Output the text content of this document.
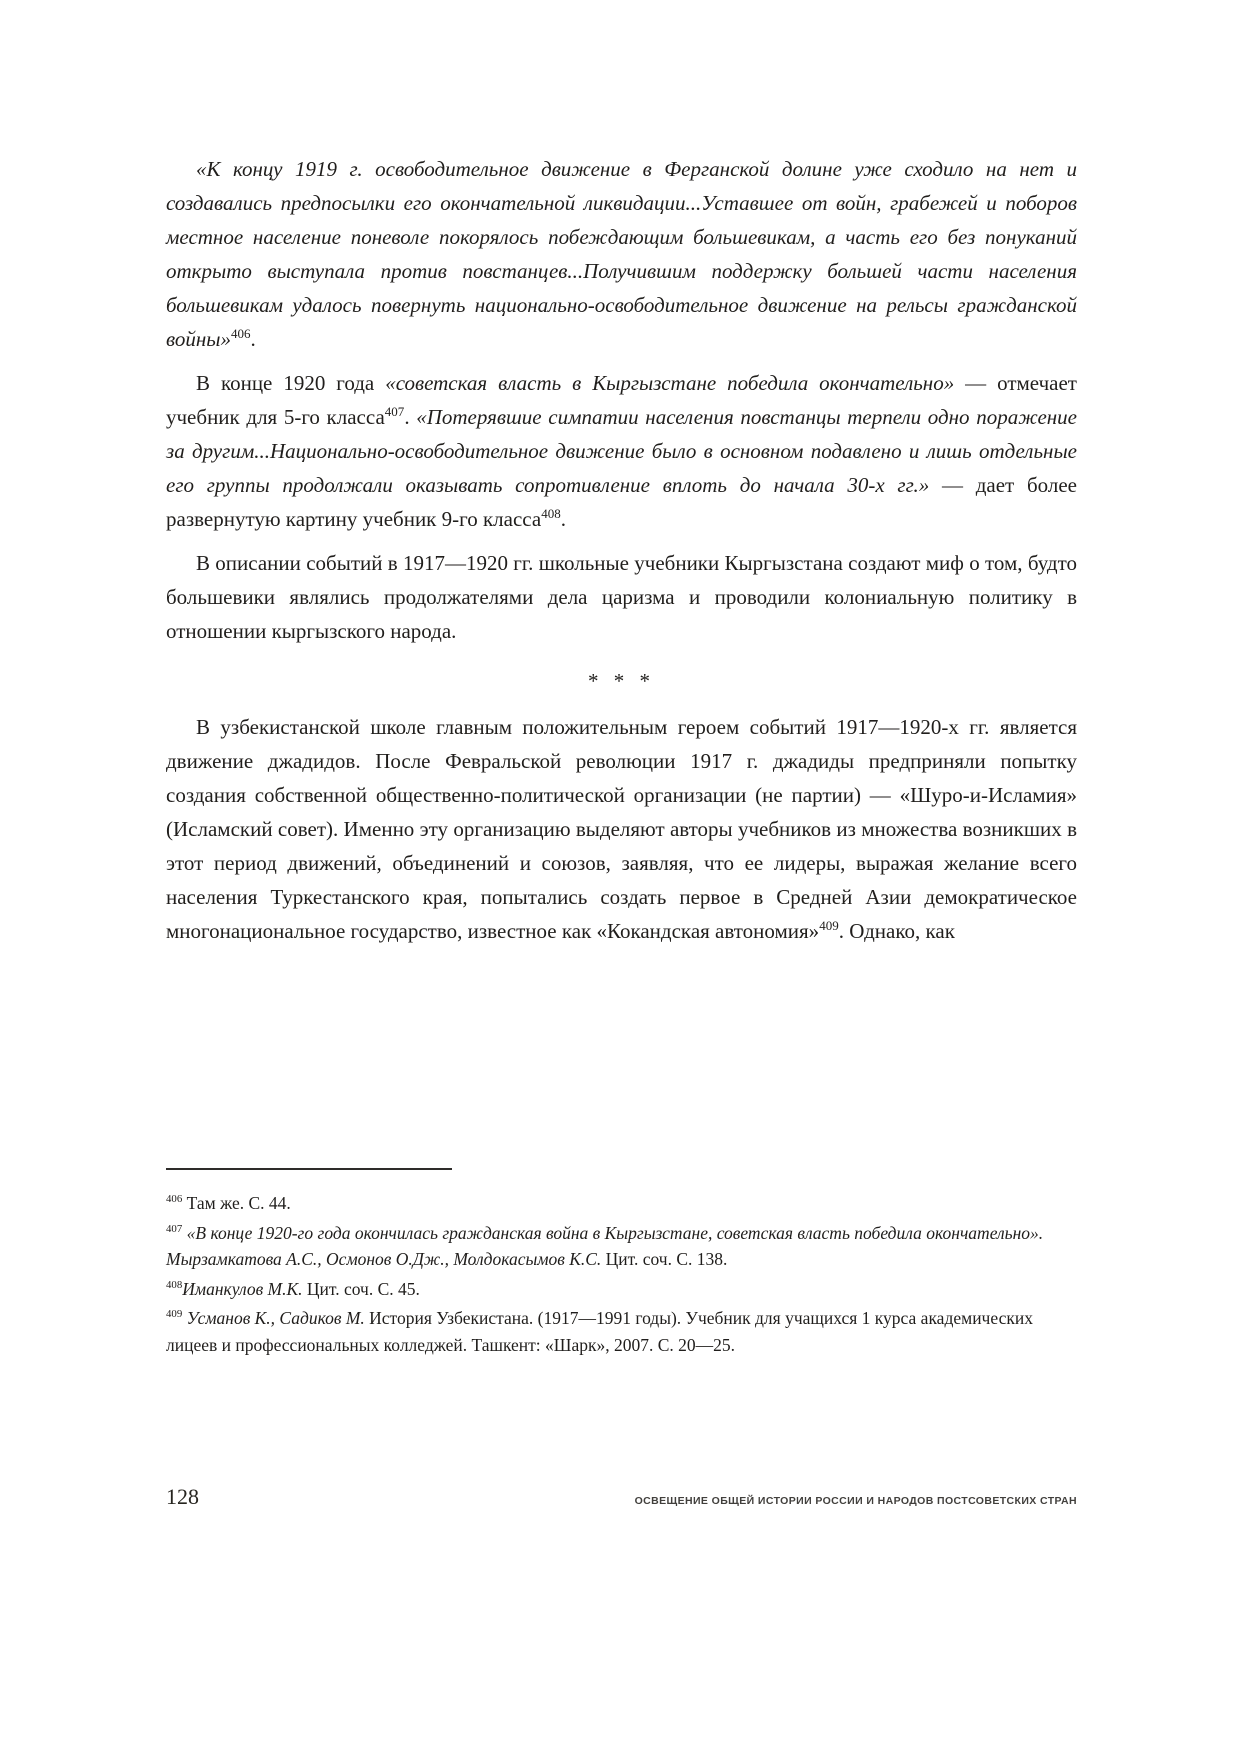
«К концу 1919 г. освободительное движение в Ферганской долине уже сходило на нет и создавались предпосылки его окончательной ликвидации...Уставшее от войн, грабежей и поборов местное население поневоле покорялось побеждающим большевикам, а часть его без понуканий открыто выступала против повстанцев...Получившим поддержку большей части населения большевикам удалось повернуть национально-освободительное движение на рельсы гражданской войны»$^{406}$.

В конце 1920 года «советская власть в Кыргызстане победила окончательно» — отмечает учебник для 5-го класса$^{407}$. «Потерявшие симпатии населения повстанцы терпели одно поражение за другим...Национально-освободительное движение было в основном подавлено и лишь отдельные его группы продолжали оказывать сопротивление вплоть до начала 30-х гг.» — дает более развернутую картину учебник 9-го класса$^{408}$.

В описании событий в 1917—1920 гг. школьные учебники Кыргызстана создают миф о том, будто большевики являлись продолжателями дела царизма и проводили колониальную политику в отношении кыргызского народа.

* * *

В узбекистанской школе главным положительным героем событий 1917—1920-х гг. является движение джадидов. После Февральской революции 1917 г. джадиды предприняли попытку создания собственной общественно-политической организации (не партии) — «Шуро-и-Исламия» (Исламский совет). Именно эту организацию выделяют авторы учебников из множества возникших в этот период движений, объединений и союзов, заявляя, что ее лидеры, выражая желание всего населения Туркестанского края, попытались создать первое в Средней Азии демократическое многонациональное государство, известное как «Кокандская автономия»$^{409}$. Однако, как

$^{406}$ Там же. С. 44.

$^{407}$ «В конце 1920-го года окончилась гражданская война в Кыргызстане, советская власть победила окончательно». Мырзамкатова А.С., Осмонов О.Дж., Молдокасымов К.С. Цит. соч. С. 138.

$^{408}$Иманкулов М.К. Цит. соч. С. 45.

$^{409}$ Усманов К., Садиков М. История Узбекистана. (1917—1991 годы). Учебник для учащихся 1 курса академических лицеев и профессиональных колледжей. Ташкент: «Шарк», 2007. С. 20—25.

128	ОСВЕЩЕНИЕ ОБЩЕЙ ИСТОРИИ РОССИИ И НАРОДОВ ПОСТСОВЕТСКИХ СТРАН
